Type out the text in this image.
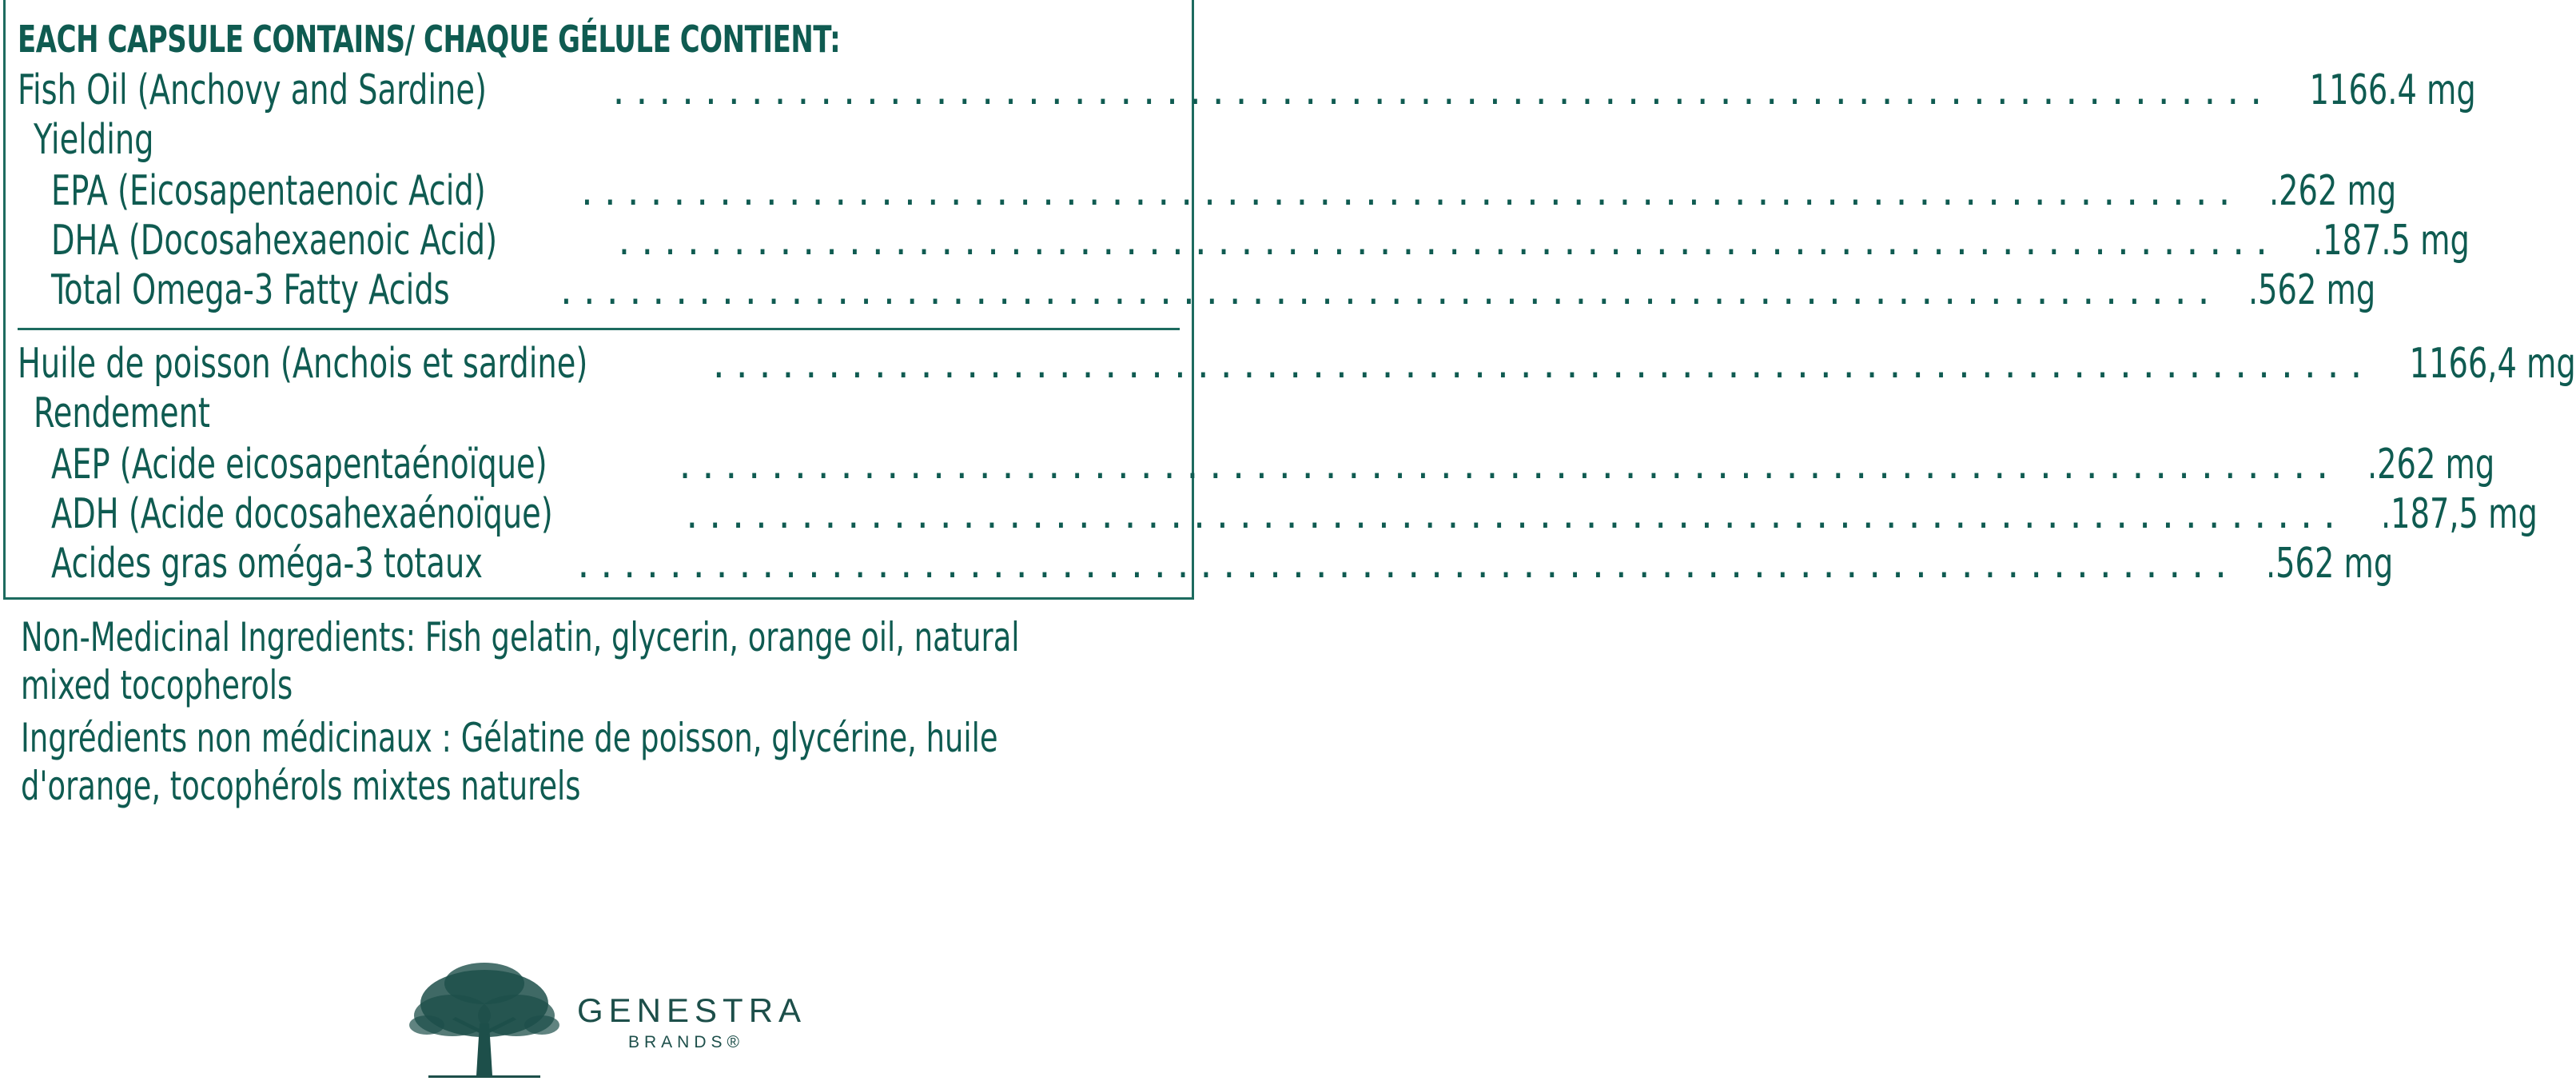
EACH CAPSULE CONTAINS/ CHAQUE GÉLULE CONTIENT:
Fish Oil (Anchovy and Sardine) ........................................................................ 1166.4 mg
Yielding
EPA (Eicosapentaenoic Acid) ........................................................................ .262 mg
DHA (Docosahexaenoic Acid) ........................................................................ .187.5 mg
Total Omega-3 Fatty Acids ........................................................................ .562 mg
Huile de poisson (Anchois et sardine)	........................................................................ 1166,4 mg
Rendement
AEP (Acide eicosapentaénoïque)	........................................................................ .262 mg
ADH (Acide docosahexaénoïque)	........................................................................ .187,5 mg
Acides gras oméga-3 totaux ........................................................................ .562 mg
Non-Medicinal Ingredients: Fish gelatin, glycerin, orange oil, natural
mixed tocopherols
Ingrédients non médicinaux : Gélatine de poisson, glycérine, huile
d'orange, tocophérols mixtes naturels
GENESTRA
BRANDS®
